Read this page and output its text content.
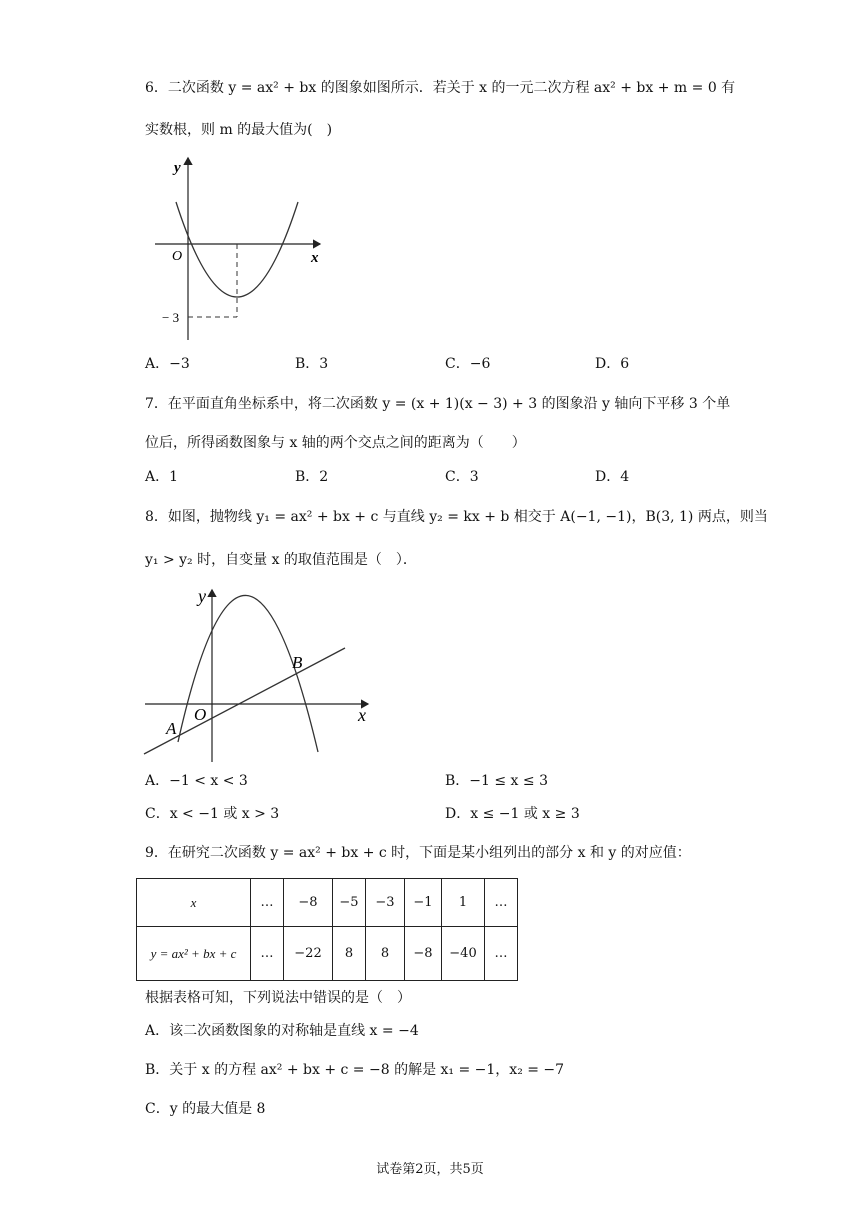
6．二次函数 y = ax² + bx 的图象如图所示．若关于 x 的一元二次方程 ax² + bx + m = 0 有
实数根，则 m 的最大值为(　)
y
x
O
− 3
A．−3	B．3	C．−6	D．6
7．在平面直角坐标系中，将二次函数 y = (x + 1)(x − 3) + 3 的图象沿 y 轴向下平移 3 个单
位后，所得函数图象与 x 轴的两个交点之间的距离为（　　）
A．1	B．2	C．3	D．4
8．如图，抛物线 y₁ = ax² + bx + c 与直线 y₂ = kx + b 相交于 A(−1, −1)，B(3, 1) 两点，则当
y₁ > y₂ 时，自变量 x 的取值范围是（　）．
y
x
O
A
B
A．−1 < x < 3	B．−1 ≤ x ≤ 3
C．x < −1 或 x > 3	D．x ≤ −1 或 x ≥ 3
9．在研究二次函数 y = ax² + bx + c 时，下面是某小组列出的部分 x 和 y 的对应值：
x	…	−8	−5	−3	−1	1	…
y = ax² + bx + c	…	−22	8	8	−8	−40	…
根据表格可知，下列说法中错误的是（　）
A．该二次函数图象的对称轴是直线 x = −4
B．关于 x 的方程 ax² + bx + c = −8 的解是 x₁ = −1，x₂ = −7
C．y 的最大值是 8
试卷第2页，共5页
